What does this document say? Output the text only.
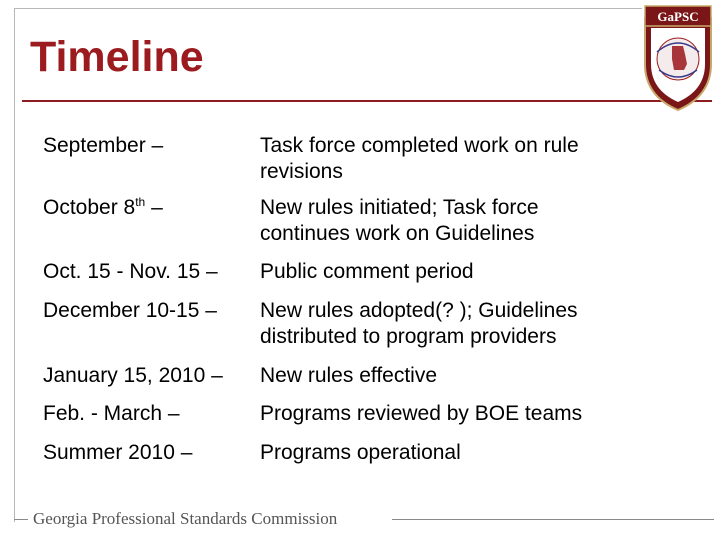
Timeline
GaPSC
September –	Task force completed work on rule
revisions
October 8th –	New rules initiated; Task force
continues work on Guidelines
Oct. 15 - Nov. 15 – Public comment period
December 10-15 – New rules adopted(? ); Guidelines
distributed to program providers
January 15, 2010 – New rules effective
Feb. - March –	Programs reviewed by BOE teams
Summer 2010 –	Programs operational
Georgia Professional Standards Commission
